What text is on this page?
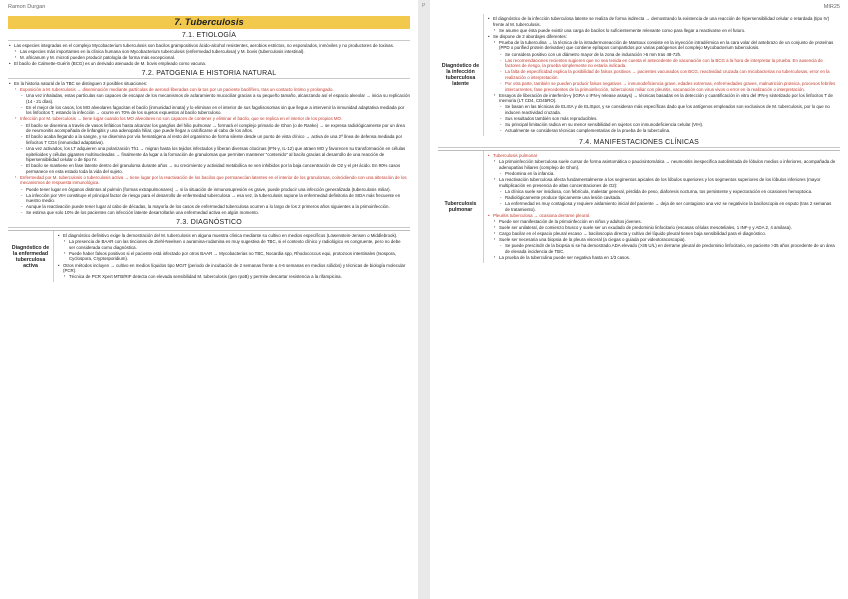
Ramon Durgan
7. Tuberculosis
7.1. ETIOLOGÍA
• Las especies integradas en el complejo Mycobacterium tuberculosis son bacilos grampositivos ácido-alcohol resistentes, aerobios estrictos, no esporulados, inmóviles y no productores de toxinas.
▪ Las especies más importantes en la clínica humana son Mycobacterium tuberculosis (enfermedad tuberculosa) y M. bovis (tuberculosis intestinal).
▪ M. africanum y M. microti pueden producir patología de forma más excepcional.
• El bacilo de Calmette-Guérin (BCG) es un derivado atenuado de M. bovis empleado como vacuna.
7.2. PATOGENIA E HISTORIA NATURAL
• En la historia natural de la TBC se distinguen 3 posibles situaciones:
▪ Exposición a M. tuberculosis → diseminación mediante partículas de aerosol liberadas con la tos por un paciente bacilífero, tras un contacto íntimo y prolongado.
- Una vez inhaladas, estas partículas son capaces de escapar de los mecanismos de aclaramiento mucociliar gracias a su pequeño tamaño, alcanzando así el espacio alveolar → inicia su replicación (14 - 21 días).
- En el mejor de los casos, los MO alveolares fagocitan el bacilo (inmunidad innata) y lo eliminan en el interior de sus fagolisosomas sin que llegue a intervenir la inmunidad adaptativa mediada por los linfocitos T, estando la infección → ocurre en 70% de los sujetos expuestos al bacilo tuberculoso.
▪ Infección por M. tuberculosis → tiene lugar cuando los MO alveolares no son capaces de contener y eliminar el bacilo, que se replica en el interior de los propios MO.
- El bacilo se disemina a través de vasos linfáticos hasta alcanzar los ganglios del hilio pulmonar → formará el complejo primario de Ghon (o de Ranke) → se expresa radiológicamente por un área de neumonitis acompañada de linfangitis y una adenopatía hiliar, que puede llegar a calcificarse al cabo de los años.
- El bacilo acaba llegando a la sangre, y se disemina por vía hematógena al resto del organismo de forma silente desde un punto de vista clínico → activa de una 2ª línea de defensa mediada por linfocitos T CD4 (inmunidad adaptativa).
- Una vez activados, los LT adquieren una polarización Th1 → migran hasta los tejidos infectados y liberan diversas citocinas (IFN-γ, IL-12) que atraen MO y favorecen su transformación en células epitelioides y células gigantes multinucleadas → finalmente da lugar a la formación de granulomas que permiten mantener "contenido" al bacilo gracias al desarrollo de una reacción de hipersensibilidad celular o de tipo IV.
- El bacilo se mantiene en fase latente dentro del granuloma durante años → su crecimiento y actividad metabólica se ven inhibidos por la baja concentración de O2 y el pH ácido. En 90% casos permanece en esta estado toda la vida del sujeto.
▪ Enfermedad por M. tuberculosis o tuberculosis activa → tiene lugar por la reactivación de los bacilos que permanecían latentes en el interior de los granulomas, coincidiendo con una alteración de los mecanismos de respuesta inmunológica.
- Puede tener lugar en órganos distintos al pulmón (formas extrapulmonares) → si la situación de inmunosupresión es grave, puede producir una infección generalizada (tuberculosis miliar).
- La infección por VIH constituye el principal factor de riesgo para el desarrollo de enfermedad tuberculosa → esa vez, la tuberculosis supone la enfermedad definitoria de SIDA más frecuente en nuestro medio.
- Aunque la reactivación puede tener lugar al cabo de décadas, la mayoría de los casos de enfermedad tuberculosa ocurren a lo largo de los 2 primeros años siguientes a la primoinfección.
- Se estima que solo 10% de los pacientes con infección latente desarrollarán una enfermedad activa en algún momento.
7.3. DIAGNÓSTICO
Diagnóstico de la enfermedad tuberculosa activa
• El diagnóstico definitivo exige la demostración del M. tuberculosis en alguna muestra clínica mediante su cultivo en medios específicos (Löwenstein-Jensen o Middlebrook).
▪ La presencia de BAAR con las tinciones de Ziehl-Neelsen o auramina-rodamina es muy sugestiva de TBC, si el contexto clínico y radiológico es congruente, pero no debe ser considerada como diagnóstica.
▪ Puede haber falsos positivos si el paciente está infectado por otros BAAR → Mycobacterias no TBC, Nocardia spp, Rhodococcus equi, protozoos intestinales (Isospora, Cyclospora, Cryptosporidium).
• Otros métodos incluyen → cultivo en medios líquidos tipo MGIT (periodo de incubación de 2 semanas frente a 4-6 semanas en medios sólidos) y técnicas de biología molecular (PCR).
▪ Técnica de PCR Xpert MTB/RIF detecta con elevada sensibilidad M. tuberculosis (gen rpoB) y permite descartar resistencia a la rifampicina.
P	MIR25
Diagnóstico de la infección tuberculosa latente
• El diagnóstico de la infección tuberculosa latente se realiza de forma indirecta → demostrando la existencia de una reacción de hipersensibilidad celular o retardada (tipo IV) frente al M. tuberculosis.
▪ Se asume que ésta puede existir una carga de bacilos lo suficientemente relevante como para llegar a reactivarse en el futuro.
• Se dispone de 2 abordajes diferentes:
▪ Prueba de la tuberculina → la técnica de la intradermoreacción de Mantoux consiste en la inyección intradérmica en la cara volar del antebrazo de un conjunto de proteínas (PPD o purified protein derivative) que contiene epítopos compartidos por varias patógenos del complejo Mycobacterium tuberculosis.
- Se considera positivo con un diámetro mayor de la zona de induración >5 mm tras 48-72h.
- Las recomendaciones recientes sugieren que no sea tenida en cuenta el antecedente de vacunación con la BCG a la hora de interpretar la prueba. En ausencia de factores de riesgo, la prueba simplemente no estaría indicada.
- La falta de especificidad explica la posibilidad de falsos positivos → pacientes vacunados con BCG, reactividad cruzada con micobacterias no tuberculosas, error en la realización o interpretación.
- Por otra parte, también se pueden producir falsos negativos → inmunodeficiencia grave, edades extremas, enfermedades graves, malnutrición proteica, procesos febriles intercurrentes, fase precedentes de la primoinfección, tuberculosis miliar con pleuritis, vacunación con virus vivos o error en la realización o interpretación.
▪ Ensayos de liberación de interferón-γ (IGRA o IFN-γ release assays) → técnicas basadas en la detección y cuantificación in vitro del IFN-γ sintetizado por los linfocitos T de memoria (LT CD4, CD45RO).
- Se basan en las técnicas de ELISA y de ELISpot, y se consideran más específicas dado que los antígenos empleados son exclusivos de M. tuberculosis, por lo que no inducen reactividad cruzada.
- Sus resultados también son más reproducibles.
- Su principal limitación radica en su menor sensibilidad en sujetos con inmunodeficiencia celular (VIH).
- Actualmente se consideran técnicas complementarias de la prueba de la tuberculina.
7.4. MANIFESTACIONES CLÍNICAS
Tuberculosis pulmonar
• Tuberculosis pulmonar
▪ La primoinfección tuberculosa suele cursar de forma asintomática o paucisintomática → neumonitis inespecífica autolimitada de lóbulos medios o inferiores, acompañada de adenopatías hiliares (complejo de Ghon).
- Predomina en la infancia.
▪ La reactivación tuberculosa afecta fundamentalmente a los segmentos apicales de los lóbulos superiores y los segmentos superiores de los lóbulos inferiores (mayor multiplicación en presencia de altas concentraciones de O2):
- La clínica suele ser insidiosa, con febrícula, malestar general, pérdida de peso, diaforesis nocturna, tos persistente y expectoración en ocasiones hemoptoica.
- Radiológicamente produce típicamente una lesión cavitada.
- La enfermedad es muy contagiosa y requiere aislamiento inicial del paciente → deja de ser contagioso una vez se negativice la baciloscopia en esputo (tras 2 semanas de tratamiento).
• Pleuritis tuberculosa → ocasiona derrame pleural.
▪ Puede ser manifestación de la primoinfección en niños y adultos jóvenes.
▪ Suele ser unilateral, de comienzo brusco y suele ser un exudado de predominio linfocitario (escasas células mesoteliales, 1 INF-γ y ADA 2, 4 amilasa).
▪ Cargo bacilar en el espacio pleural escaso → baciloscopia directa y cultivo del líquido pleural tienen baja sensibilidad para el diagnóstico.
▪ Suele ser necesaria una biopsia de la pleura visceral (a ciegas o guiada por videotoracoscopia).
- Se puede prescindir de la biopsia si se ha demostrado ADA elevado (>35 U/L) en derrame pleural de predominio linfocitario, en paciente >35 años procedente de un área de elevada incidencia de TBC.
▪ La prueba de la tuberculina puede ser negativa hasta en 1/3 casos.
